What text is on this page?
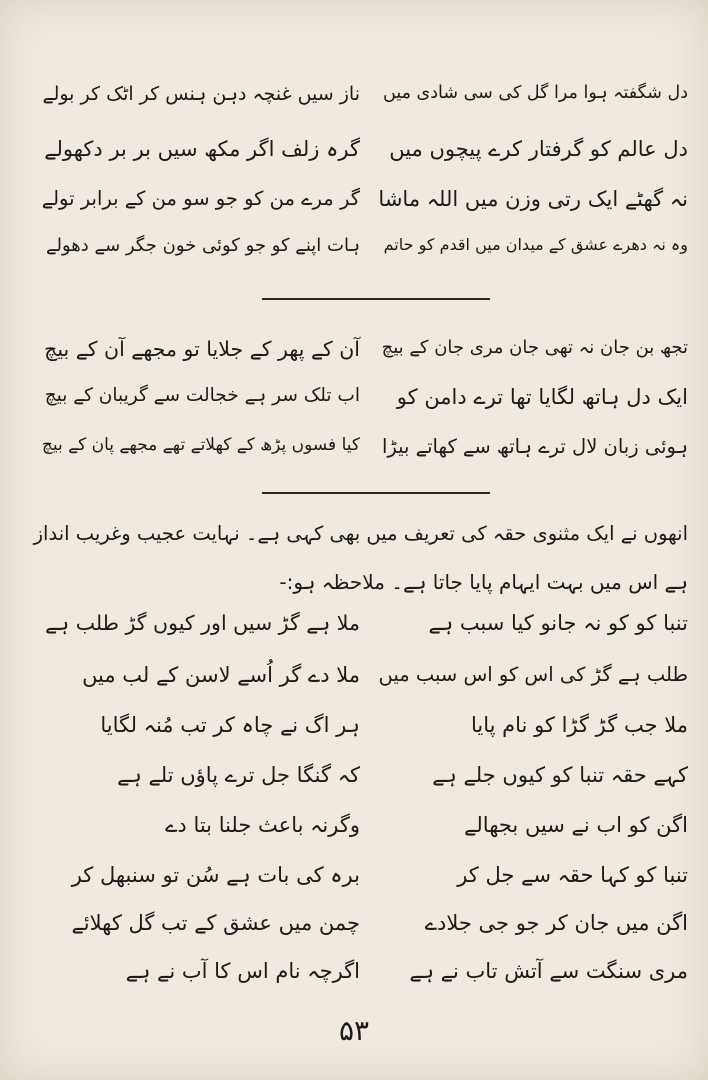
دل شگفتہ ہوا مرا گل کی سی شادی میں
دل عالم کو گرفتار کرے پیچوں میں
نہ گھٹے ایک رتی وزن میں اللہ ماشا
وہ نہ دھرے عشق کے میدان میں اقدم کو حاتم
ناز سیں غنچہ دہن ہنس کر اٹک کر بولے
گرہ زلف اگر مکھ سیں بر بر دکھولے
گر مرے من کو جو سو من کے برابر تولے
ہات اپنے کو جو کوئی خون جگر سے دھولے
تجھ بن جان نہ تھی جان مری جان کے بیچ
ایک دل ہاتھ لگایا تھا ترے دامن کو
ہوئی زبان لال ترے ہاتھ سے کھاتے بیڑا
آن کے پھر کے جلایا تو مجھے آن کے بیچ
اب تلک سر ہے خجالت سے گریبان کے بیچ
کیا فسوں پڑھ کے کھلاتے تھے مجھے پان کے بیچ
انھوں نے ایک مثنوی حقہ کی تعریف میں بھی کہی ہے۔ نہایت عجیب وغریب انداز
ہے اس میں بہت ایہام پایا جاتا ہے۔ ملاحظہ ہو:-
تنبا کو کو نہ جانو کیا سبب ہے
طلب ہے گڑ کی اس کو اس سبب میں
ملا جب گڑ گڑا کو نام پایا
کہے حقہ تنبا کو کیوں جلے ہے
اگن کو اب نے سیں بجھالے
تنبا کو کہا حقہ سے جل کر
اگن میں جان کر جو جی جلادے
مری سنگت سے آتش تاب نے ہے
ملا ہے گڑ سیں اور کیوں گڑ طلب ہے
ملا دے گر اُسے لاسن کے لب میں
ہر اگ نے چاہ کر تب مُنہ لگایا
کہ گنگا جل ترے پاؤں تلے ہے
وگرنہ باعث جلنا بتا دے
برہ کی بات ہے سُن تو سنبھل کر
چمن میں عشق کے تب گل کھلائے
اگرچہ نام اس کا آب نے ہے
۵۳
